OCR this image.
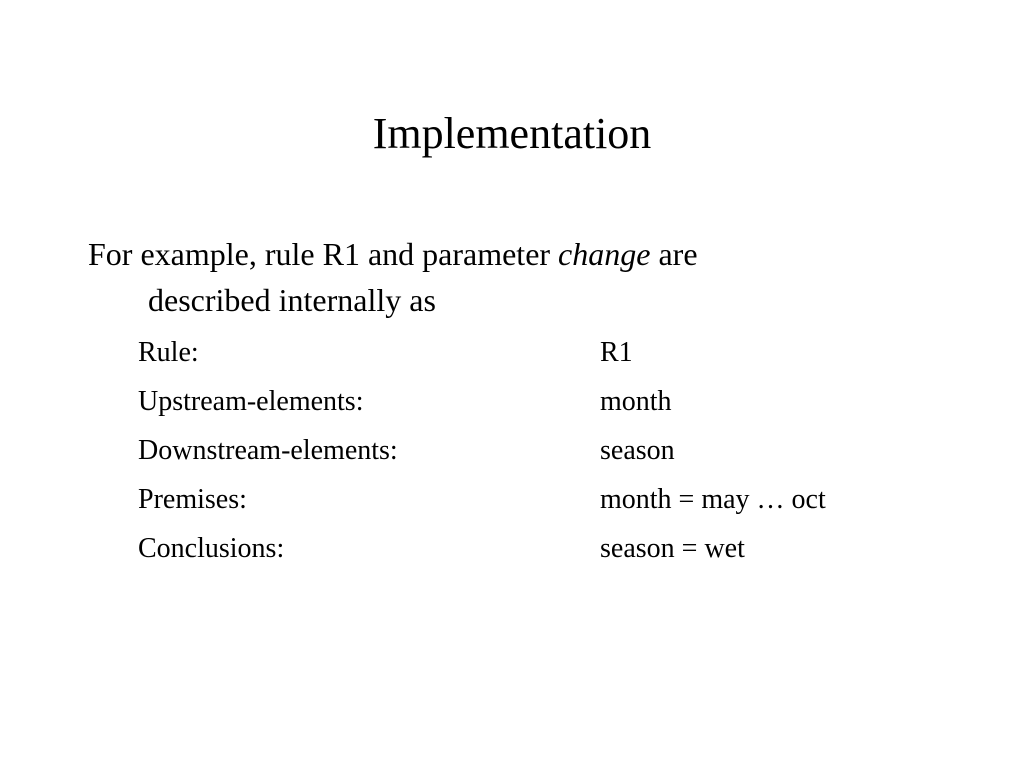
Implementation

For example, rule R1 and parameter change are
described internally as

Rule:	R1
Upstream-elements:	month
Downstream-elements:	season
Premises:	month = may … oct
Conclusions:	season = wet
